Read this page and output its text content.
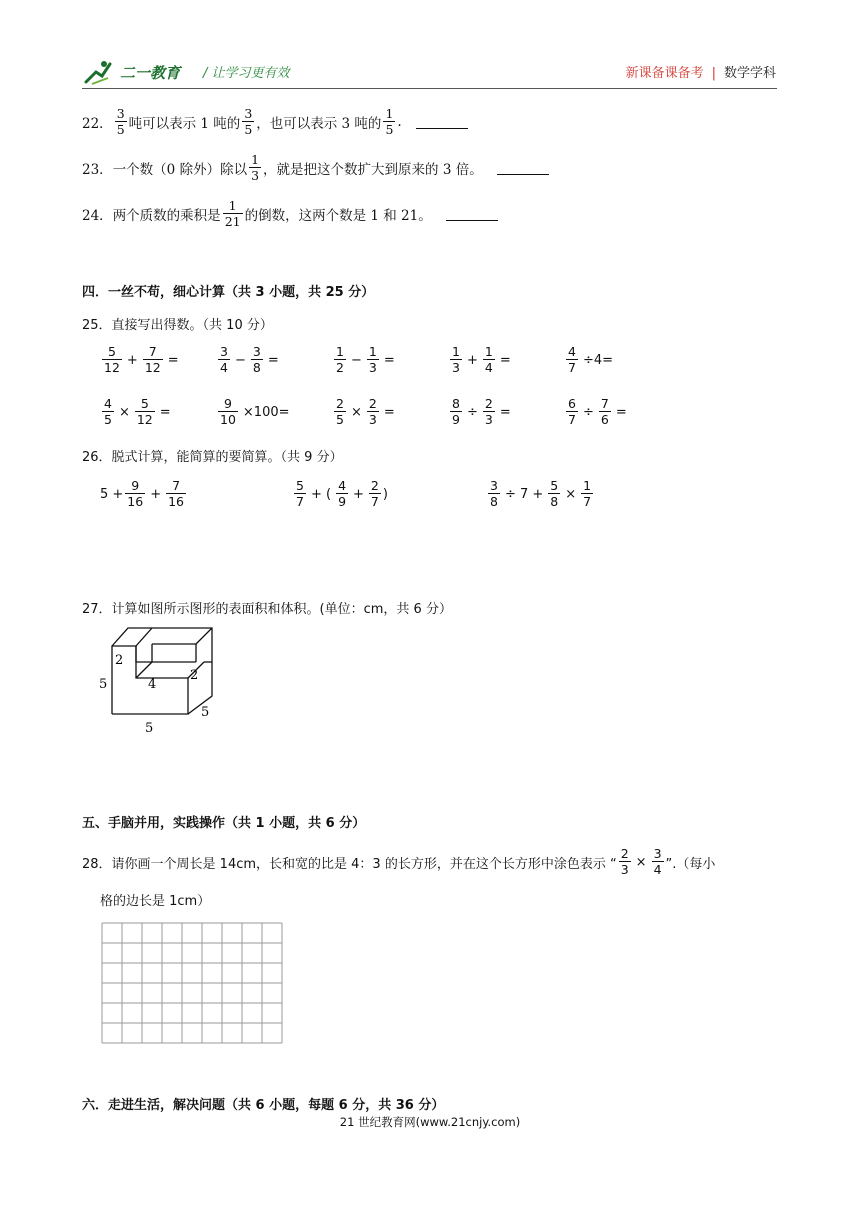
二一教育 / 让学习更有效	新课备课备考 | 数学学科
22． $\frac{3}{5}$ 吨可以表示 1 吨的 $\frac{3}{5}$ ，也可以表示 3 吨的 $\frac{1}{5}$ .
23． 一个数（0 除外）除以 $\frac{1}{3}$ ，就是把这个数扩大到原来的 3 倍。
24． 两个质数的乘积是 $\frac{1}{21}$ 的倒数，这两个数是 1 和 21。
四．一丝不苟，细心计算（共 3 小题，共 25 分）
25．直接写出得数。（共 10 分）
$\frac{5}{12} + \frac{7}{12}$ =	$\frac{3}{4} - \frac{3}{8}$ =	$\frac{1}{2} - \frac{1}{3}$ =	$\frac{1}{3} + \frac{1}{4}$ =	$\frac{4}{7} \div 4=$
$\frac{4}{5} \times \frac{5}{12}$ =	$\frac{9}{10} \times 100=$	$\frac{2}{5} \times \frac{2}{3}$ =	$\frac{8}{9} \div \frac{2}{3}$ =	$\frac{6}{7} \div \frac{7}{6}$ =
26．脱式计算，能简算的要简算。（共 9 分）
$5 + \frac{9}{16} + \frac{7}{16}$	$\frac{5}{7}$ + ( $\frac{4}{9} + \frac{2}{7}$ )	$\frac{3}{8} \div 7 + \frac{5}{8} \times \frac{1}{7}$
27．计算如图所示图形的表面积和体积。(单位：cm，共 6 分）
2
5	4
2
5
5
五、手脑并用，实践操作（共 1 小题，共 6 分）
28．请你画一个周长是 14cm，长和宽的比是 4：3 的长方形，并在这个长方形中涂色表示 “ $\frac{2}{3} \times \frac{3}{4}$ ”.（每小
格的边长是 1cm）
六．走进生活，解决问题（共 6 小题，每题 6 分，共 36 分）
21 世纪教育网(www.21cnjy.com)
